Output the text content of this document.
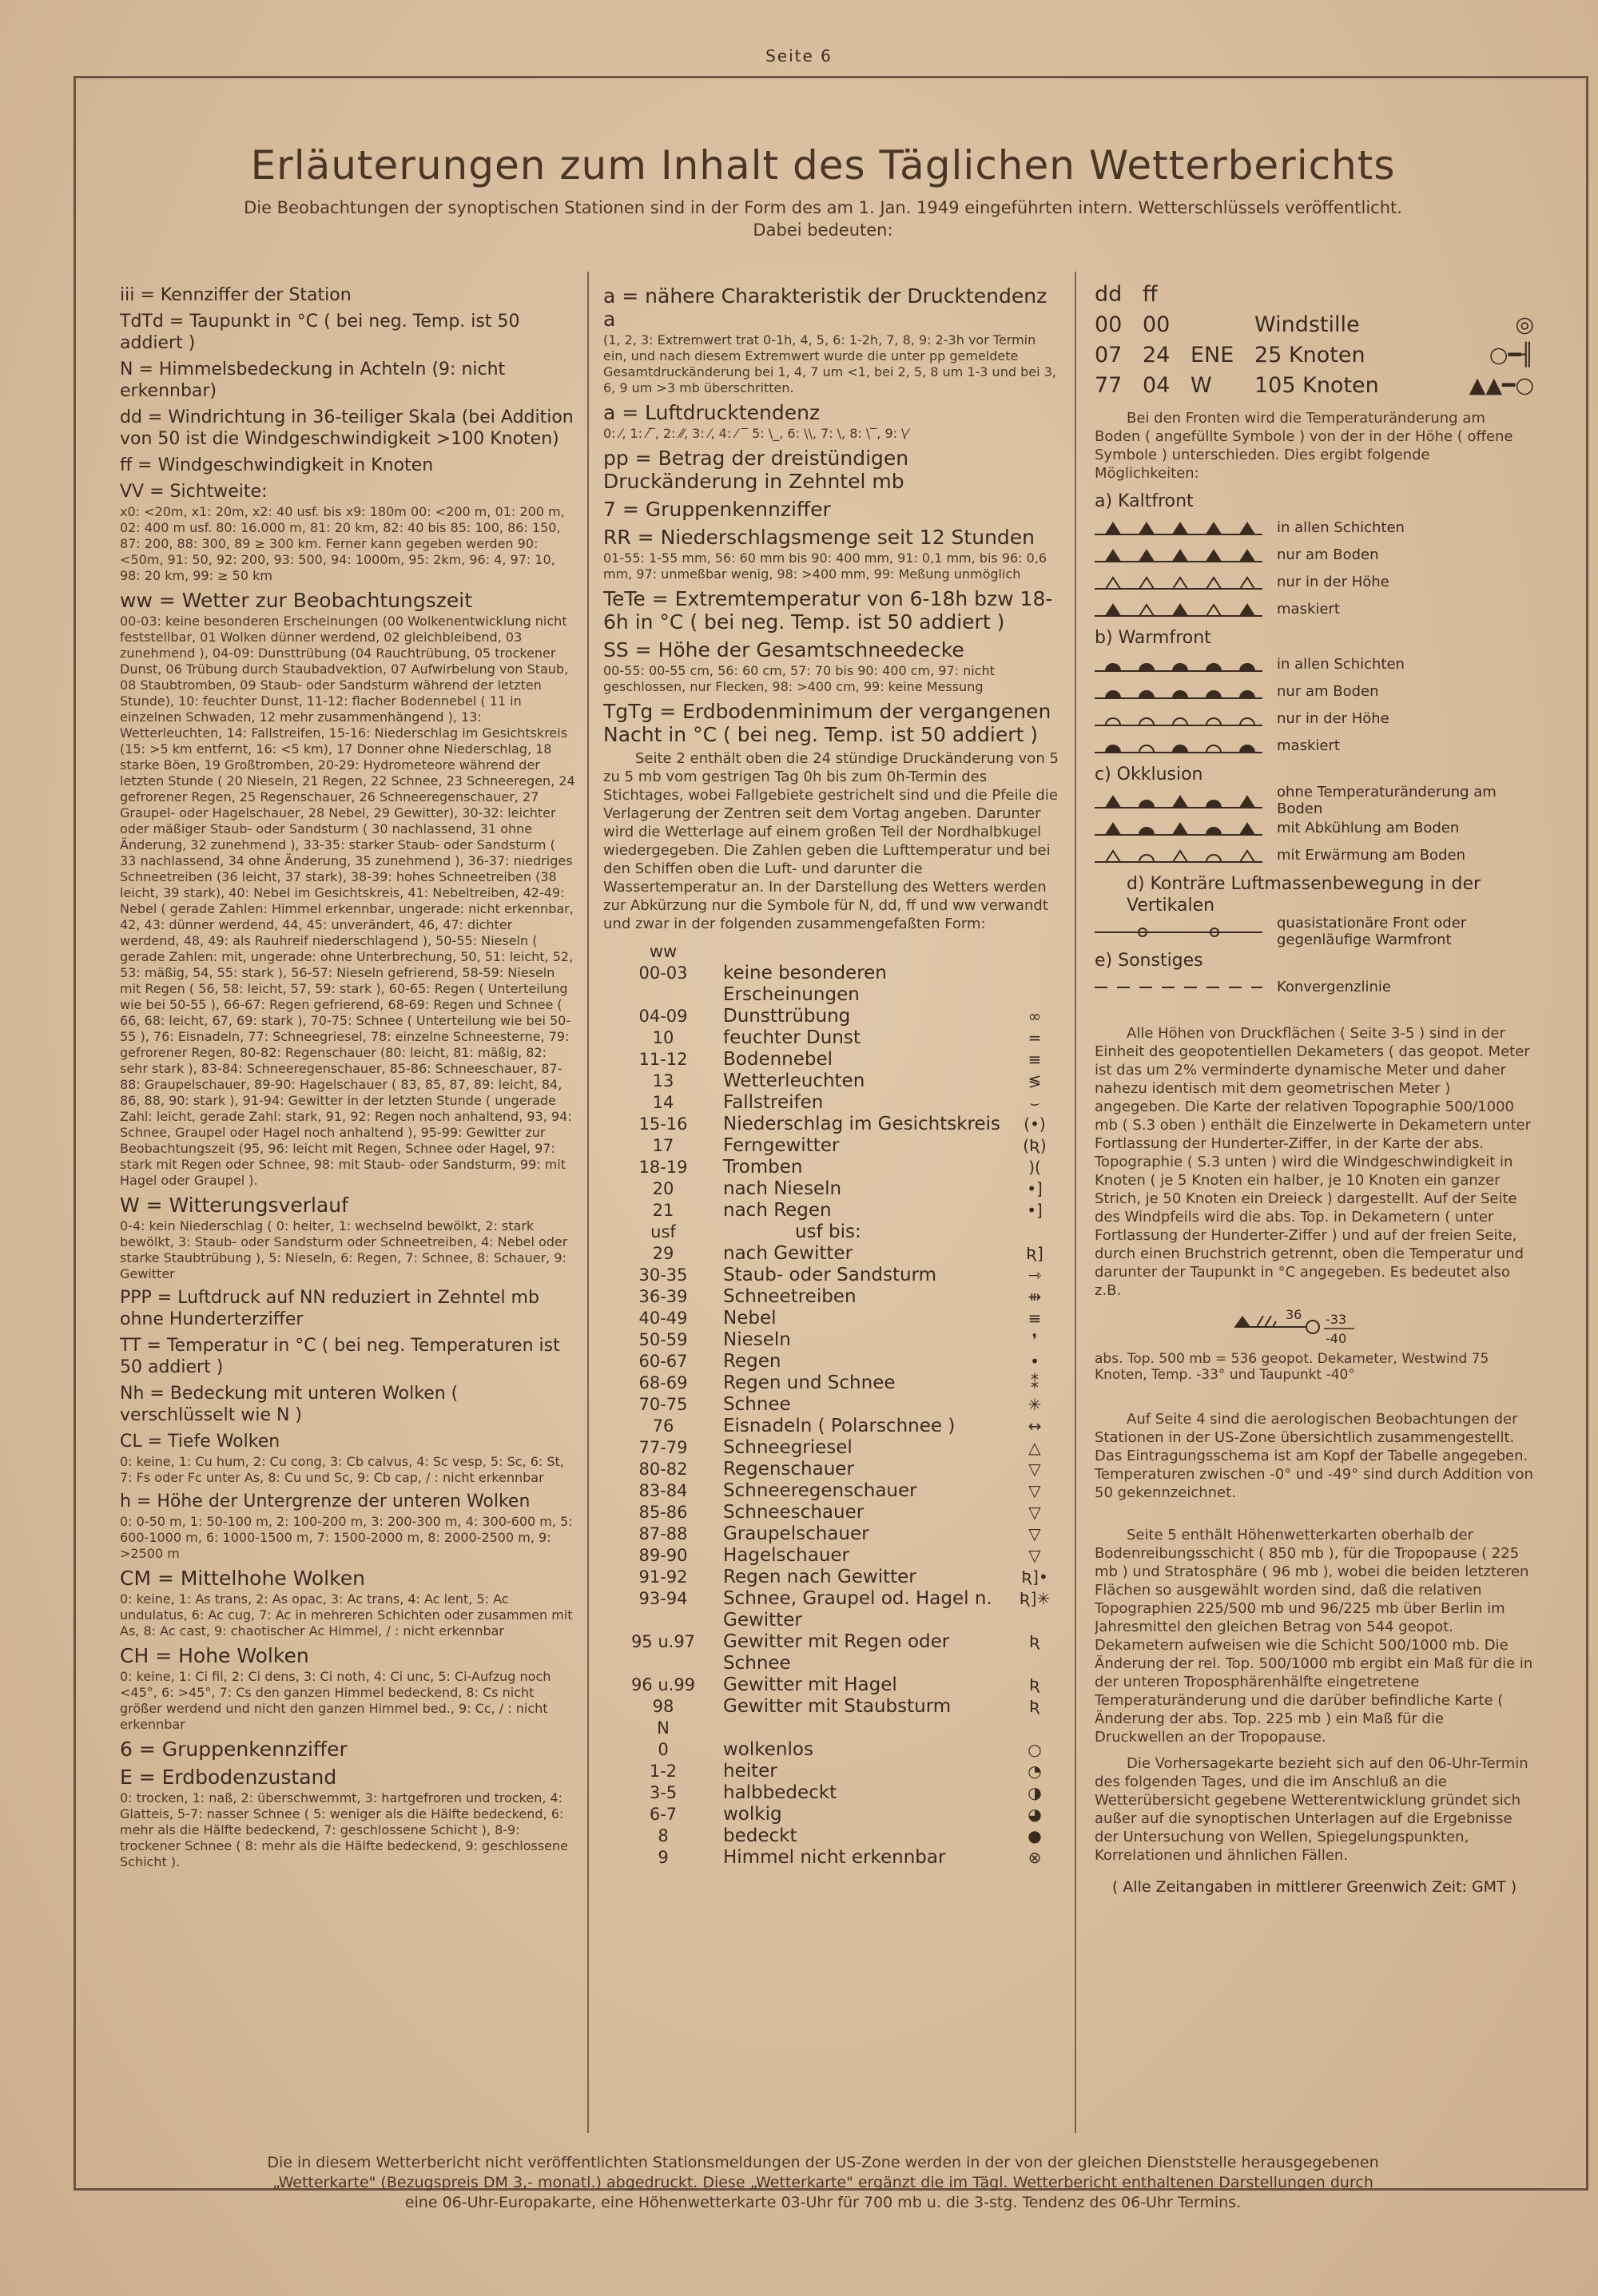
Seite 6
Erläuterungen zum Inhalt des Täglichen Wetterberichts
Die Beobachtungen der synoptischen Stationen sind in der Form des am 1. Jan. 1949 eingeführten intern. Wetterschlüssels veröffentlicht.
Dabei bedeuten:
iii = Kennziffer der Station
TdTd = Taupunkt in °C ( bei neg. Temp. ist 50 addiert )
N = Himmelsbedeckung in Achteln (9: nicht erkennbar)
dd = Windrichtung in 36-teiliger Skala (bei Addition von 50 ist die Windgeschwindigkeit >100 Knoten)
ff = Windgeschwindigkeit in Knoten
VV = Sichtweite:
x0: <20m, x1: 20m, x2: 40 usf. bis x9: 180m 00: <200 m, 01: 200 m, 02: 400 m usf. 80: 16.000 m, 81: 20 km, 82: 40 bis 85: 100, 86: 150, 87: 200, 88: 300, 89 ≥ 300 km. Ferner kann gegeben werden 90: <50m, 91: 50, 92: 200, 93: 500, 94: 1000m, 95: 2km, 96: 4, 97: 10, 98: 20 km, 99: ≥ 50 km
ww = Wetter zur Beobachtungszeit
00-03: keine besonderen Erscheinungen (00 Wolkenentwicklung nicht feststellbar, 01 Wolken dünner werdend, 02 gleichbleibend, 03 zunehmend ), 04-09: Dunsttrübung (04 Rauchtrübung, 05 trockener Dunst, 06 Trübung durch Staubadvektion, 07 Aufwirbelung von Staub, 08 Staubtromben, 09 Staub- oder Sandsturm während der letzten Stunde), 10: feuchter Dunst, 11-12: flacher Bodennebel ( 11 in einzelnen Schwaden, 12 mehr zusammenhängend ), 13: Wetterleuchten, 14: Fallstreifen, 15-16: Niederschlag im Gesichtskreis (15: >5 km entfernt, 16: <5 km), 17 Donner ohne Niederschlag, 18 starke Böen, 19 Großtromben, 20-29: Hydrometeore während der letzten Stunde ( 20 Nieseln, 21 Regen, 22 Schnee, 23 Schneeregen, 24 gefrorener Regen, 25 Regenschauer, 26 Schneeregenschauer, 27 Graupel- oder Hagelschauer, 28 Nebel, 29 Gewitter), 30-32: leichter oder mäßiger Staub- oder Sandsturm ( 30 nachlassend, 31 ohne Änderung, 32 zunehmend ), 33-35: starker Staub- oder Sandsturm ( 33 nachlassend, 34 ohne Änderung, 35 zunehmend ), 36-37: niedriges Schneetreiben (36 leicht, 37 stark), 38-39: hohes Schneetreiben (38 leicht, 39 stark), 40: Nebel im Gesichtskreis, 41: Nebeltreiben, 42-49: Nebel ( gerade Zahlen: Himmel erkennbar, ungerade: nicht erkennbar, 42, 43: dünner werdend, 44, 45: unverändert, 46, 47: dichter werdend, 48, 49: als Rauhreif niederschlagend ), 50-55: Nieseln ( gerade Zahlen: mit, ungerade: ohne Unterbrechung, 50, 51: leicht, 52, 53: mäßig, 54, 55: stark ), 56-57: Nieseln gefrierend, 58-59: Nieseln mit Regen ( 56, 58: leicht, 57, 59: stark ), 60-65: Regen ( Unterteilung wie bei 50-55 ), 66-67: Regen gefrierend, 68-69: Regen und Schnee ( 66, 68: leicht, 67, 69: stark ), 70-75: Schnee ( Unterteilung wie bei 50-55 ), 76: Eisnadeln, 77: Schneegriesel, 78: einzelne Schneesterne, 79: gefrorener Regen, 80-82: Regenschauer (80: leicht, 81: mäßig, 82: sehr stark ), 83-84: Schneeregenschauer, 85-86: Schneeschauer, 87-88: Graupelschauer, 89-90: Hagelschauer ( 83, 85, 87, 89: leicht, 84, 86, 88, 90: stark ), 91-94: Gewitter in der letzten Stunde ( ungerade Zahl: leicht, gerade Zahl: stark, 91, 92: Regen noch anhaltend, 93, 94: Schnee, Graupel oder Hagel noch anhaltend ), 95-99: Gewitter zur Beobachtungszeit (95, 96: leicht mit Regen, Schnee oder Hagel, 97: stark mit Regen oder Schnee, 98: mit Staub- oder Sandsturm, 99: mit Hagel oder Graupel ).
W = Witterungsverlauf
0-4: kein Niederschlag ( 0: heiter, 1: wechselnd bewölkt, 2: stark bewölkt, 3: Staub- oder Sandsturm oder Schneetreiben, 4: Nebel oder starke Staubtrübung ), 5: Nieseln, 6: Regen, 7: Schnee, 8: Schauer, 9: Gewitter
PPP = Luftdruck auf NN reduziert in Zehntel mb ohne Hunderterziffer
TT = Temperatur in °C ( bei neg. Temperaturen ist 50 addiert )
Nh = Bedeckung mit unteren Wolken ( verschlüsselt wie N )
CL = Tiefe Wolken
0: keine, 1: Cu hum, 2: Cu cong, 3: Cb calvus, 4: Sc vesp, 5: Sc, 6: St, 7: Fs oder Fc unter As, 8: Cu und Sc, 9: Cb cap, / : nicht erkennbar
h = Höhe der Untergrenze der unteren Wolken
0: 0-50 m, 1: 50-100 m, 2: 100-200 m, 3: 200-300 m, 4: 300-600 m, 5: 600-1000 m, 6: 1000-1500 m, 7: 1500-2000 m, 8: 2000-2500 m, 9: >2500 m
CM = Mittelhohe Wolken
0: keine, 1: As trans, 2: As opac, 3: Ac trans, 4: Ac lent, 5: Ac undulatus, 6: Ac cug, 7: Ac in mehreren Schichten oder zusammen mit As, 8: Ac cast, 9: chaotischer Ac Himmel, / : nicht erkennbar
CH = Hohe Wolken
0: keine, 1: Ci fil, 2: Ci dens, 3: Ci noth, 4: Ci unc, 5: Ci-Aufzug noch <45°, 6: >45°, 7: Cs den ganzen Himmel bedeckend, 8: Cs nicht größer werdend und nicht den ganzen Himmel bed., 9: Cc, / : nicht erkennbar
6 = Gruppenkennziffer
E = Erdbodenzustand
0: trocken, 1: naß, 2: überschwemmt, 3: hartgefroren und trocken, 4: Glatteis, 5-7: nasser Schnee ( 5: weniger als die Hälfte bedeckend, 6: mehr als die Hälfte bedeckend, 7: geschlossene Schicht ), 8-9: trockener Schnee ( 8: mehr als die Hälfte bedeckend, 9: geschlossene Schicht ).
a = nähere Charakteristik der Drucktendenz a
(1, 2, 3: Extremwert trat 0-1h, 4, 5, 6: 1-2h, 7, 8, 9: 2-3h vor Termin ein, und nach diesem Extremwert wurde die unter pp gemeldete Gesamtdruckänderung bei 1, 4, 7 um <1, bei 2, 5, 8 um 1-3 und bei 3, 6, 9 um >3 mb überschritten.
a = Luftdrucktendenz
0: ⁄, 1: ⁄‾, 2: ⁄⁄, 3: ⁄, 4: ⁄ ‾ 5: \_, 6: \\, 7: \, 8: \‾, 9: \⁄
pp = Betrag der dreistündigen Druckänderung in Zehntel mb
7 = Gruppenkennziffer
RR = Niederschlagsmenge seit 12 Stunden
01-55: 1-55 mm, 56: 60 mm bis 90: 400 mm, 91: 0,1 mm, bis 96: 0,6 mm, 97: unmeßbar wenig, 98: >400 mm, 99: Meßung unmöglich
TeTe = Extremtemperatur von 6-18h bzw 18-6h in °C ( bei neg. Temp. ist 50 addiert )
SS = Höhe der Gesamtschneedecke
00-55: 00-55 cm, 56: 60 cm, 57: 70 bis 90: 400 cm, 97: nicht geschlossen, nur Flecken, 98: >400 cm, 99: keine Messung
TgTg = Erdbodenminimum der vergangenen Nacht in °C ( bei neg. Temp. ist 50 addiert )
Seite 2 enthält oben die 24 stündige Druckänderung von 5 zu 5 mb vom gestrigen Tag 0h bis zum 0h-Termin des Stichtages, wobei Fallgebiete gestrichelt sind und die Pfeile die Verlagerung der Zentren seit dem Vortag angeben. Darunter wird die Wetterlage auf einem großen Teil der Nordhalbkugel wiedergegeben. Die Zahlen geben die Lufttemperatur und bei den Schiffen oben die Luft- und darunter die Wassertemperatur an. In der Darstellung des Wetters werden zur Abkürzung nur die Symbole für N, dd, ff und ww verwandt und zwar in der folgenden zusammengefaßten Form:
ww		
00-03	keine besonderen Erscheinungen	
04-09	Dunsttrübung	∞
10	feuchter Dunst	=
11-12	Bodennebel	≡
13	Wetterleuchten	≶
14	Fallstreifen	⌣
15-16	Niederschlag im Gesichtskreis	(•)
17	Ferngewitter	(Ʀ)
18-19	Tromben	)(
20	nach Nieseln	•]
21	nach Regen	•]
usf	usf bis:	
29	nach Gewitter	Ʀ]
30-35	Staub- oder Sandsturm	⇾
36-39	Schneetreiben	⇻
40-49	Nebel	≡
50-59	Nieseln	❜
60-67	Regen	•
68-69	Regen und Schnee	⁑
70-75	Schnee	✳
76	Eisnadeln ( Polarschnee )	↔
77-79	Schneegriesel	△
80-82	Regenschauer	▽
83-84	Schneeregenschauer	▽
85-86	Schneeschauer	▽
87-88	Graupelschauer	▽
89-90	Hagelschauer	▽
91-92	Regen nach Gewitter	Ʀ]•
93-94	Schnee, Graupel od. Hagel n. Gewitter	Ʀ]✳
95 u.97	Gewitter mit Regen oder Schnee	Ʀ
96 u.99	Gewitter mit Hagel	Ʀ
98	Gewitter mit Staubsturm	Ʀ
N		
0	wolkenlos	○
1-2	heiter	◔
3-5	halbbedeckt	◑
6-7	wolkig	◕
8	bedeckt	●
9	Himmel nicht erkennbar	⊗
dd ff
00 00	Windstille	◎
07 24 ENE 25 Knoten	○━╢
77 04 W	105 Knoten	▲▲━○
Bei den Fronten wird die Temperaturänderung am Boden ( angefüllte Symbole ) von der in der Höhe ( offene Symbole ) unterschieden. Dies ergibt folgende Möglichkeiten:
a) Kaltfront
in allen Schichten
nur am Boden
nur in der Höhe
maskiert
b) Warmfront
in allen Schichten
nur am Boden
nur in der Höhe
maskiert
c) Okklusion
ohne Temperaturänderung am Boden
mit Abkühlung am Boden
mit Erwärmung am Boden
d) Konträre Luftmassenbewegung in der Vertikalen
quasistationäre Front oder gegenläufige Warmfront
e) Sonstiges
Konvergenzlinie
Alle Höhen von Druckflächen ( Seite 3-5 ) sind in der Einheit des geopotentiellen Dekameters ( das geopot. Meter ist das um 2% verminderte dynamische Meter und daher nahezu identisch mit dem geometrischen Meter ) angegeben. Die Karte der relativen Topographie 500/1000 mb ( S.3 oben ) enthält die Einzelwerte in Dekametern unter Fortlassung der Hunderter-Ziffer, in der Karte der abs. Topographie ( S.3 unten ) wird die Windgeschwindigkeit in Knoten ( je 5 Knoten ein halber, je 10 Knoten ein ganzer Strich, je 50 Knoten ein Dreieck ) dargestellt. Auf der Seite des Windpfeils wird die abs. Top. in Dekametern ( unter Fortlassung der Hunderter-Ziffer ) und auf der freien Seite, durch einen Bruchstrich getrennt, oben die Temperatur und darunter der Taupunkt in °C angegeben. Es bedeutet also z.B.
36 -33
-40
abs. Top. 500 mb = 536 geopot. Dekameter, Westwind 75 Knoten, Temp. -33° und Taupunkt -40°
Auf Seite 4 sind die aerologischen Beobachtungen der Stationen in der US-Zone übersichtlich zusammengestellt. Das Eintragungsschema ist am Kopf der Tabelle angegeben. Temperaturen zwischen -0° und -49° sind durch Addition von 50 gekennzeichnet.
Seite 5 enthält Höhenwetterkarten oberhalb der Bodenreibungsschicht ( 850 mb ), für die Tropopause ( 225 mb ) und Stratosphäre ( 96 mb ), wobei die beiden letzteren Flächen so ausgewählt worden sind, daß die relativen Topographien 225/500 mb und 96/225 mb über Berlin im Jahresmittel den gleichen Betrag von 544 geopot. Dekametern aufweisen wie die Schicht 500/1000 mb. Die Änderung der rel. Top. 500/1000 mb ergibt ein Maß für die in der unteren Troposphärenhälfte eingetretene Temperaturänderung und die darüber befindliche Karte ( Änderung der abs. Top. 225 mb ) ein Maß für die Druckwellen an der Tropopause.
Die Vorhersagekarte bezieht sich auf den 06-Uhr-Termin des folgenden Tages, und die im Anschluß an die Wetterübersicht gegebene Wetterentwicklung gründet sich außer auf die synoptischen Unterlagen auf die Ergebnisse der Untersuchung von Wellen, Spiegelungspunkten, Korrelationen und ähnlichen Fällen.
( Alle Zeitangaben in mittlerer Greenwich Zeit: GMT )
Die in diesem Wetterbericht nicht veröffentlichten Stationsmeldungen der US-Zone werden in der von der gleichen Dienststelle herausgegebenen „Wetterkarte" (Bezugspreis DM 3,- monatl.) abgedruckt. Diese „Wetterkarte" ergänzt die im Tägl. Wetterbericht enthaltenen Darstellungen durch eine 06-Uhr-Europakarte, eine Höhenwetterkarte 03-Uhr für 700 mb u. die 3-stg. Tendenz des 06-Uhr Termins.
